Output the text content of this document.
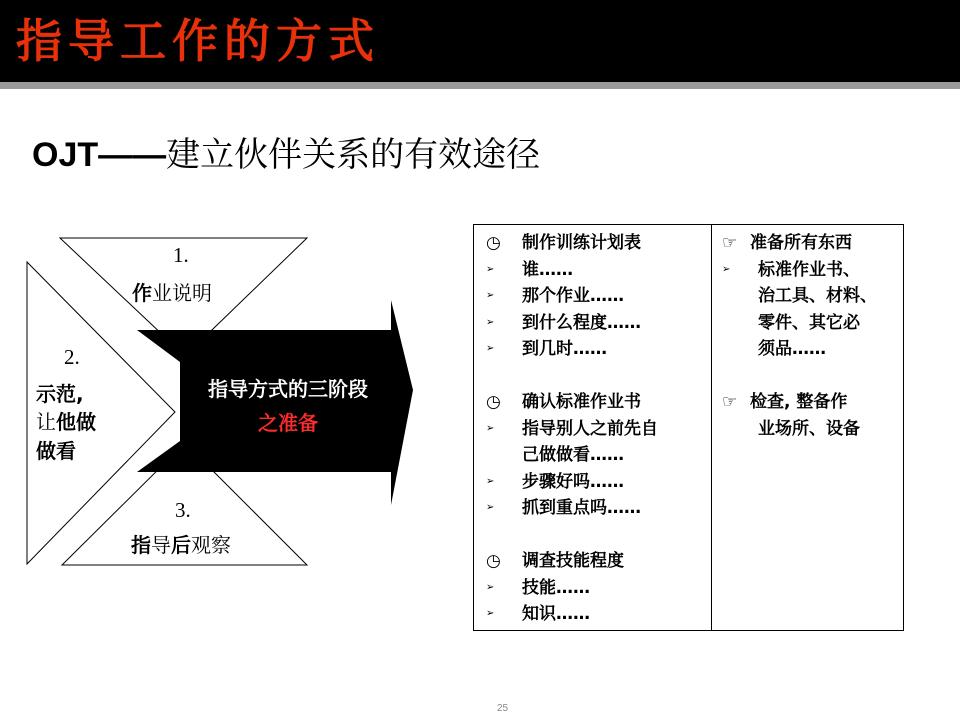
指导工作的方式
OJT——建立伙伴关系的有效途径
1.
作业说明
2.
示范,
让他做
做看
3.
指导后观察
指导方式的三阶段
之准备
◷	制作训练计划表
➢	谁……
➢	那个作业……
➢	到什么程度……
➢	到几时……
◷	确认标准作业书
➢	指导别人之前先自
己做做看……
➢	步骤好吗……
➢	抓到重点吗……
◷	调查技能程度
➢	技能……
➢	知识……
☞ 准备所有东西
➢	标准作业书、
治工具、材料、
零件、其它必
须品……
☞ 检查, 整备作
业场所、设备
25
